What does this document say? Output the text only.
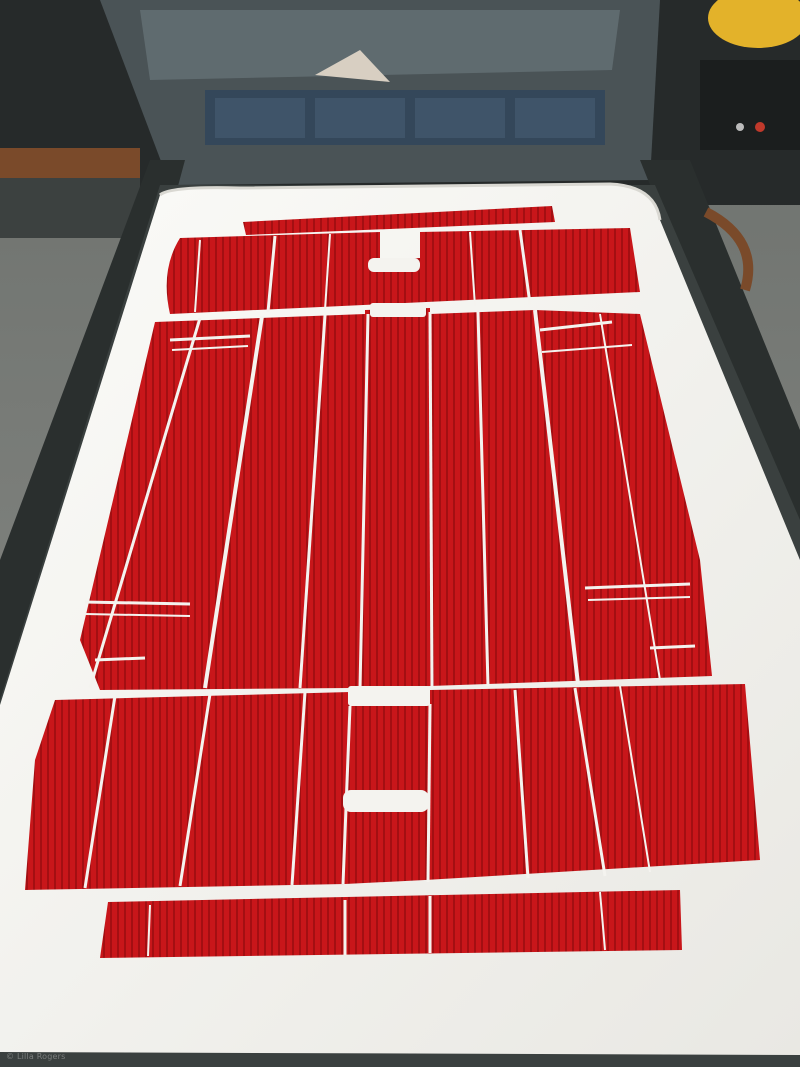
© Lilla Rogers
